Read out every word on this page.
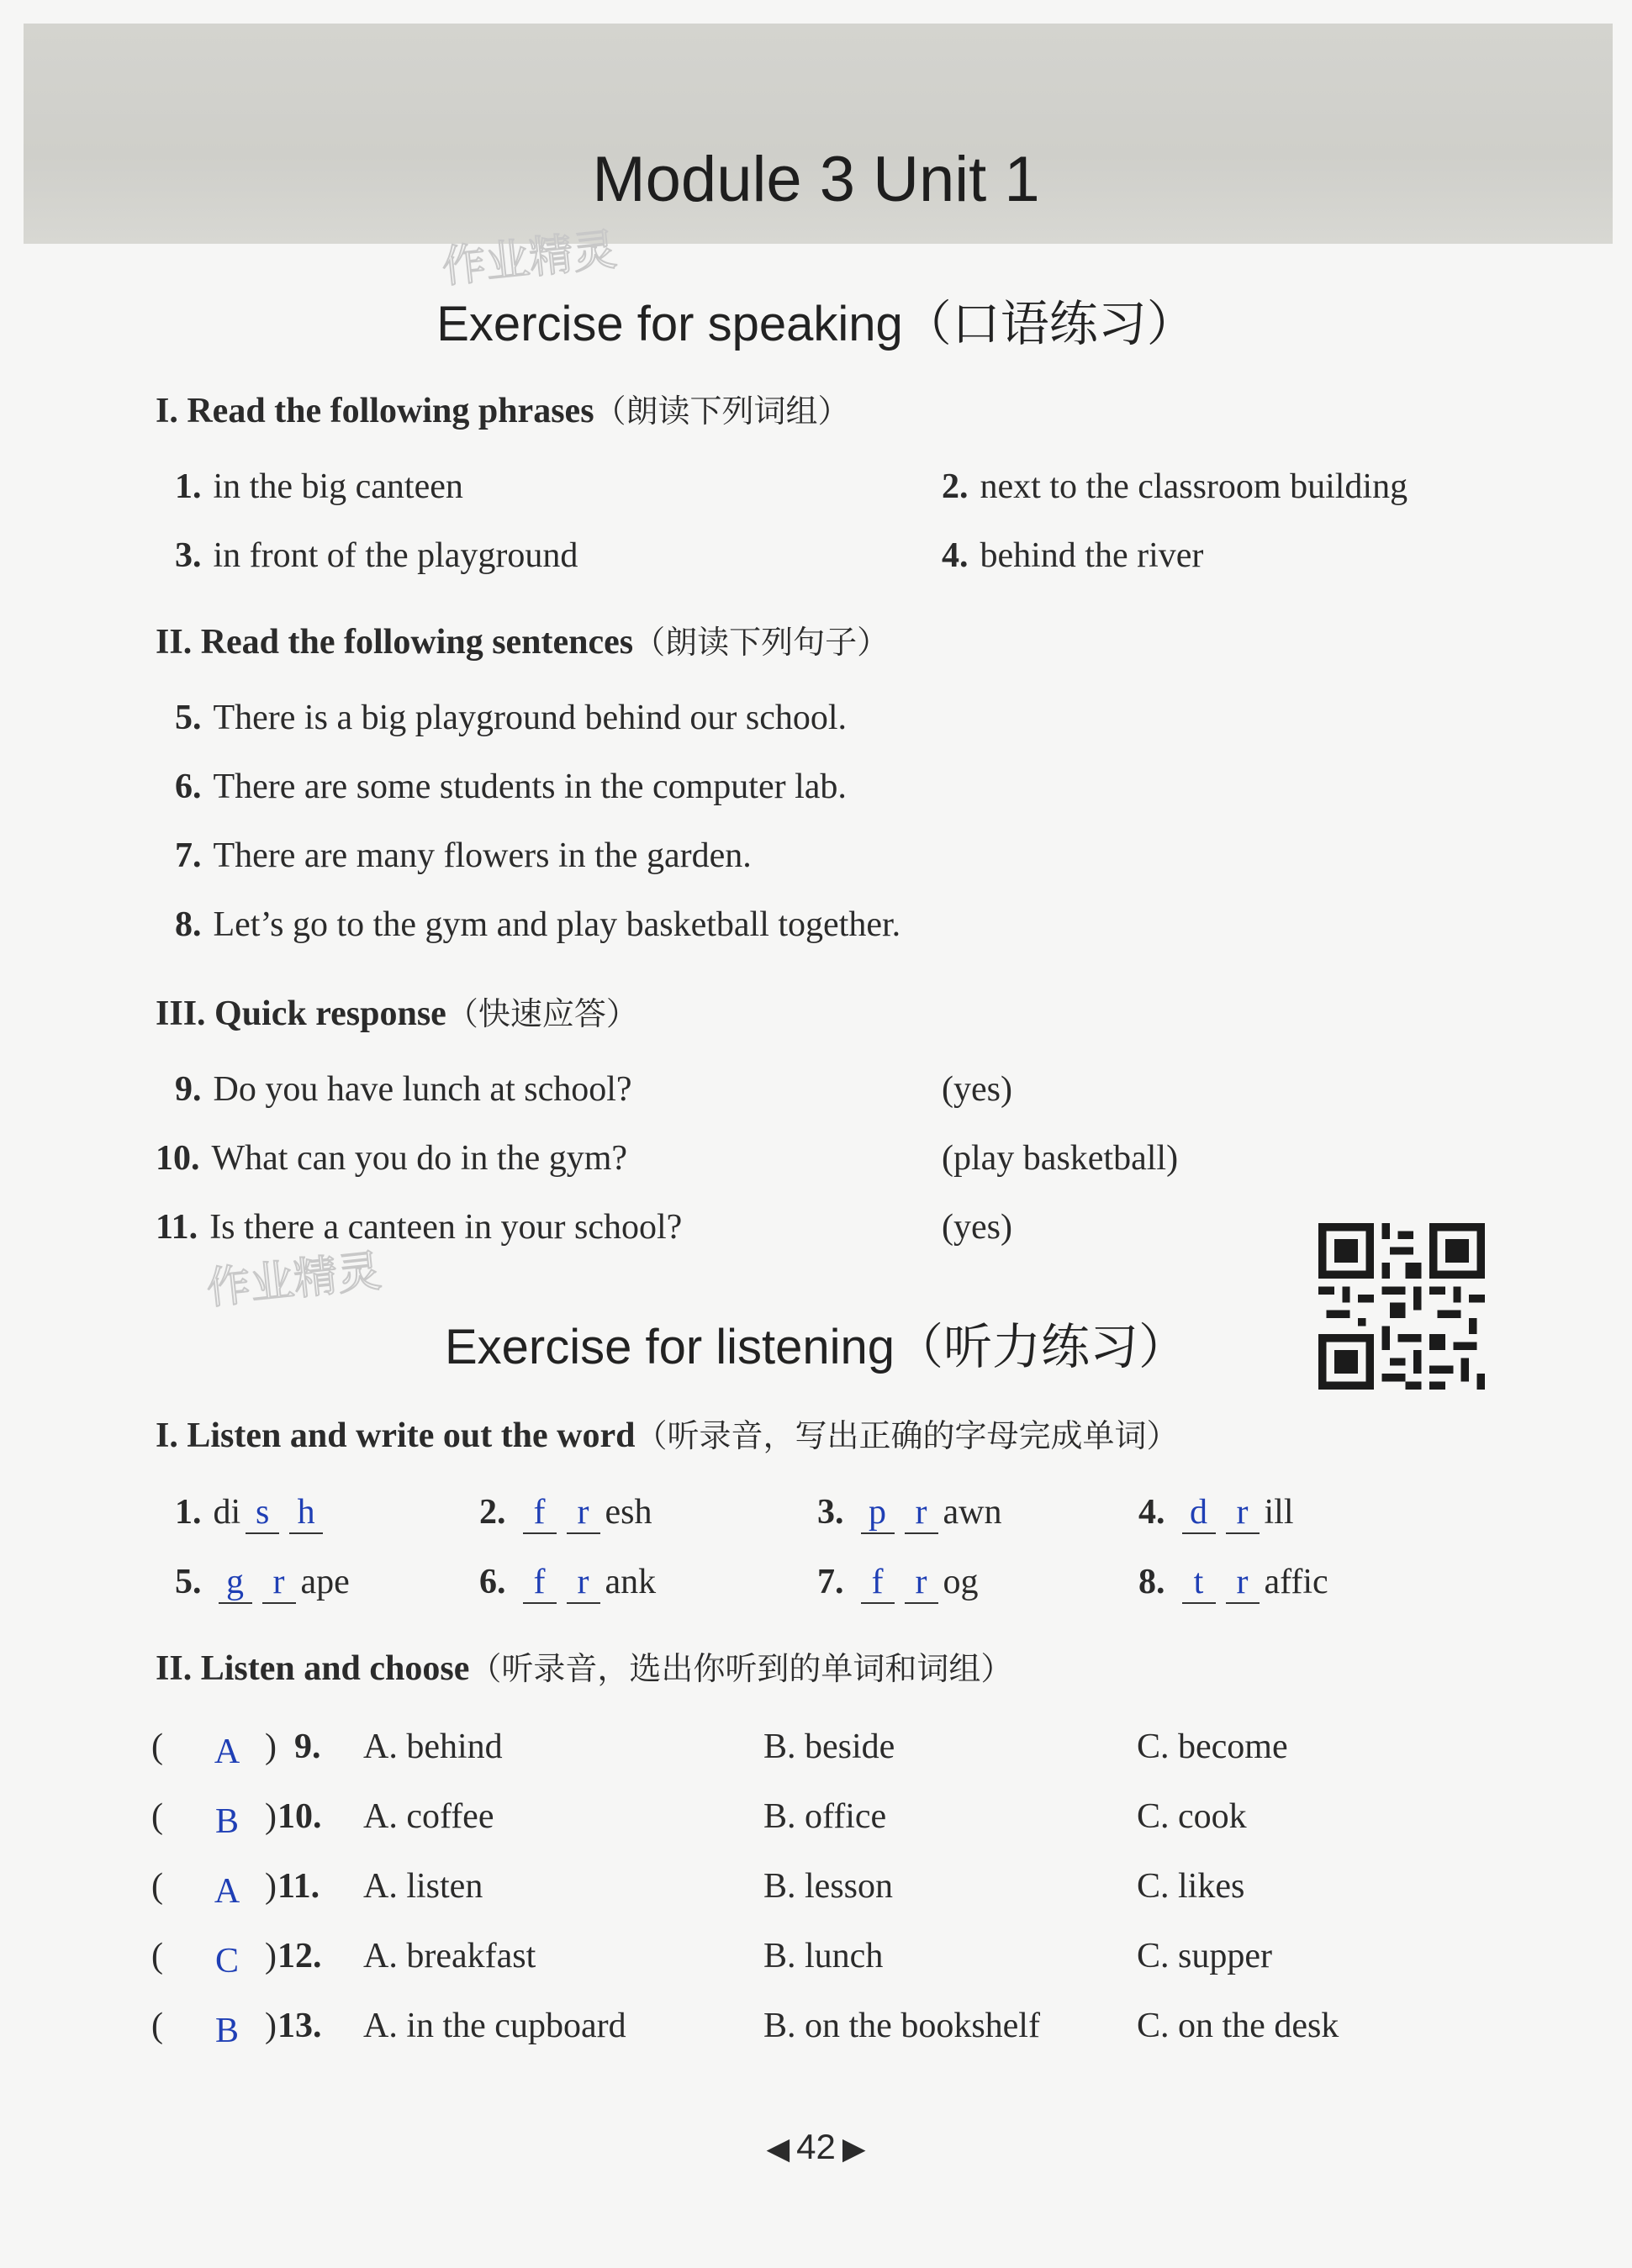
Module 3 Unit 1
作业精灵
作业精灵
Exercise for speaking（口语练习）
I. Read the following phrases（朗读下列词组）
1. in the big canteen	2. next to the classroom building
3. in front of the playground	4. behind the river
II. Read the following sentences（朗读下列句子）
5. There is a big playground behind our school.
6. There are some students in the computer lab.
7. There are many flowers in the garden.
8. Let’s go to the gym and play basketball together.
III. Quick response（快速应答）
9. Do you have lunch at school?	(yes)
10. What can you do in the gym?	(play basketball)
11. Is there a canteen in your school?	(yes)
Exercise for listening（听力练习）
I. Listen and write out the word（听录音，写出正确的字母完成单词）
1. di s h	2. f r esh	3. p r awn	4. d r ill
5. g r ape	6. f r ank	7. f r og	8. t r affic
II. Listen and choose（听录音，选出你听到的单词和词组）
(	A ) 9. A. behind	B. beside	C. become
(	B ) 10. A. coffee	B. office	C. cook
(	A ) 11. A. listen	B. lesson	C. likes
(	C ) 12. A. breakfast	B. lunch	C. supper
(	B ) 13. A. in the cupboard	B. on the bookshelf	C. on the desk
◀ 42 ▶
